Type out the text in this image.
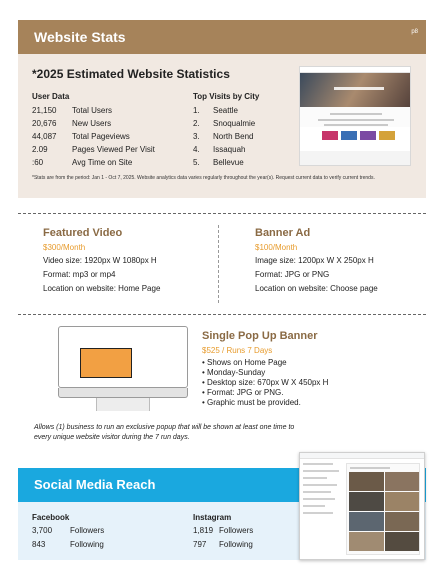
Website Stats	p8
*2025 Estimated Website Statistics
User Data
21,150	Total Users
20,676	New Users
44,087	Total Pageviews
2.09	Pages Viewed Per Visit
:60	Avg Time on Site
Top Visits by City
1.	Seattle
2.	Snoqualmie
3.	North Bend
4.	Issaquah
5.	Bellevue
*Stats are from the period: Jan 1 - Oct 7, 2025. Website analytics data varies regularly throughout the year(s). Request current data to verify current trends.
Featured Video
$300/Month
Video size: 1920px W 1080px H
Format: mp3 or mp4
Location on website: Home Page
Banner Ad
$100/Month
Image size: 1200px W X 250px H
Format: JPG or PNG
Location on website: Choose page
Single Pop Up Banner
$525 / Runs 7 Days
• Shows on Home Page
• Monday-Sunday
• Desktop size: 670px W X 450px H
• Format: JPG or PNG.
• Graphic must be provided.
Allows (1) business to run an exclusive popup that will be shown at least one time to every unique website visitor during the 7 run days.
Social Media Reach
Facebook
3,700	Followers
843	Following
Instagram
1,819 Followers
797	Following
